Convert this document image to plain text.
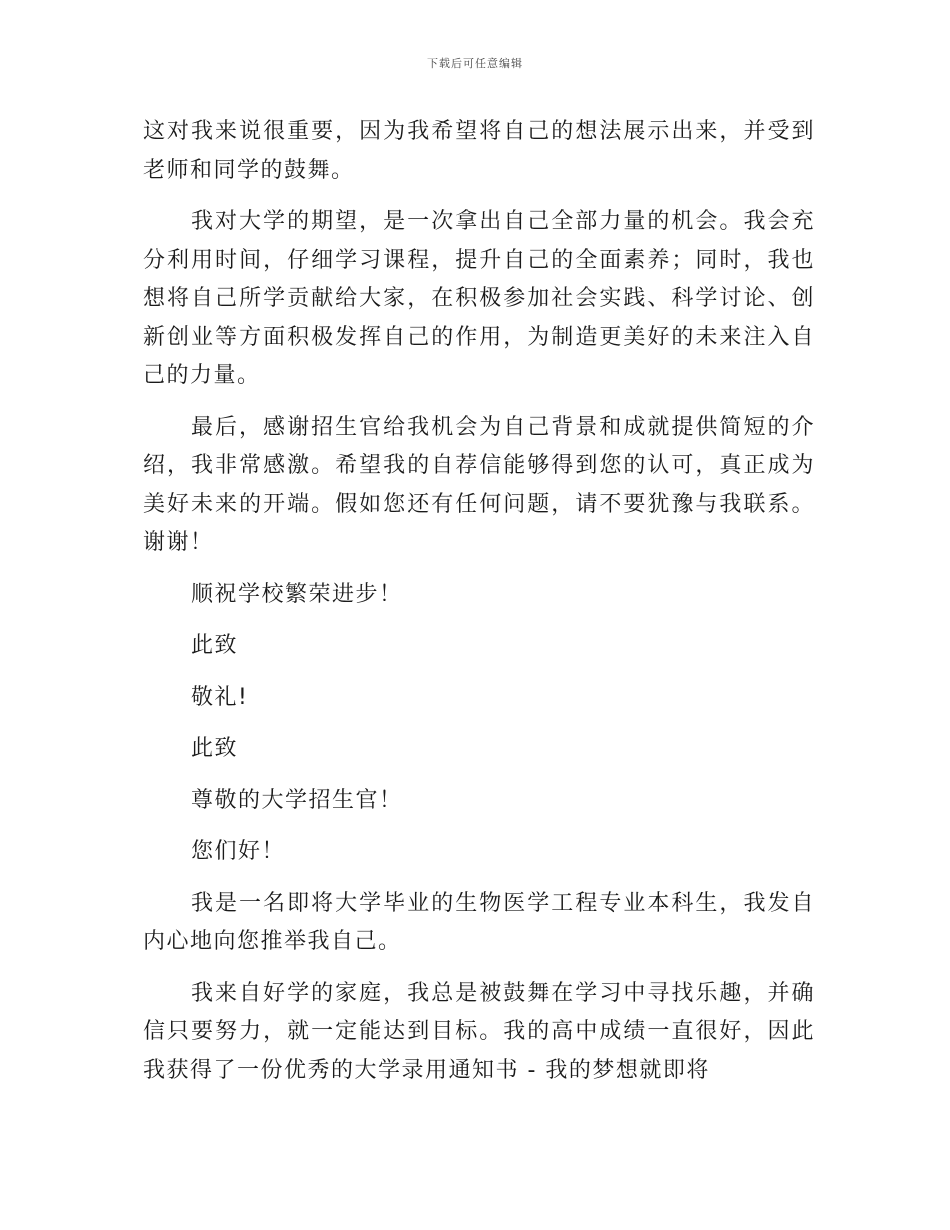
下载后可任意编辑

这对我来说很重要，因为我希望将自己的想法展示出来，并受到老师和同学的鼓舞。

我对大学的期望，是一次拿出自己全部力量的机会。我会充分利用时间，仔细学习课程，提升自己的全面素养；同时，我也想将自己所学贡献给大家，在积极参加社会实践、科学讨论、创新创业等方面积极发挥自己的作用，为制造更美好的未来注入自己的力量。

最后，感谢招生官给我机会为自己背景和成就提供简短的介绍，我非常感激。希望我的自荐信能够得到您的认可，真正成为美好未来的开端。假如您还有任何问题，请不要犹豫与我联系。谢谢！

顺祝学校繁荣进步！
此致
敬礼!
此致
尊敬的大学招生官！
您们好！

我是一名即将大学毕业的生物医学工程专业本科生，我发自内心地向您推举我自己。

我来自好学的家庭，我总是被鼓舞在学习中寻找乐趣，并确信只要努力，就一定能达到目标。我的高中成绩一直很好，因此我获得了一份优秀的大学录用通知书 - 我的梦想就即将
